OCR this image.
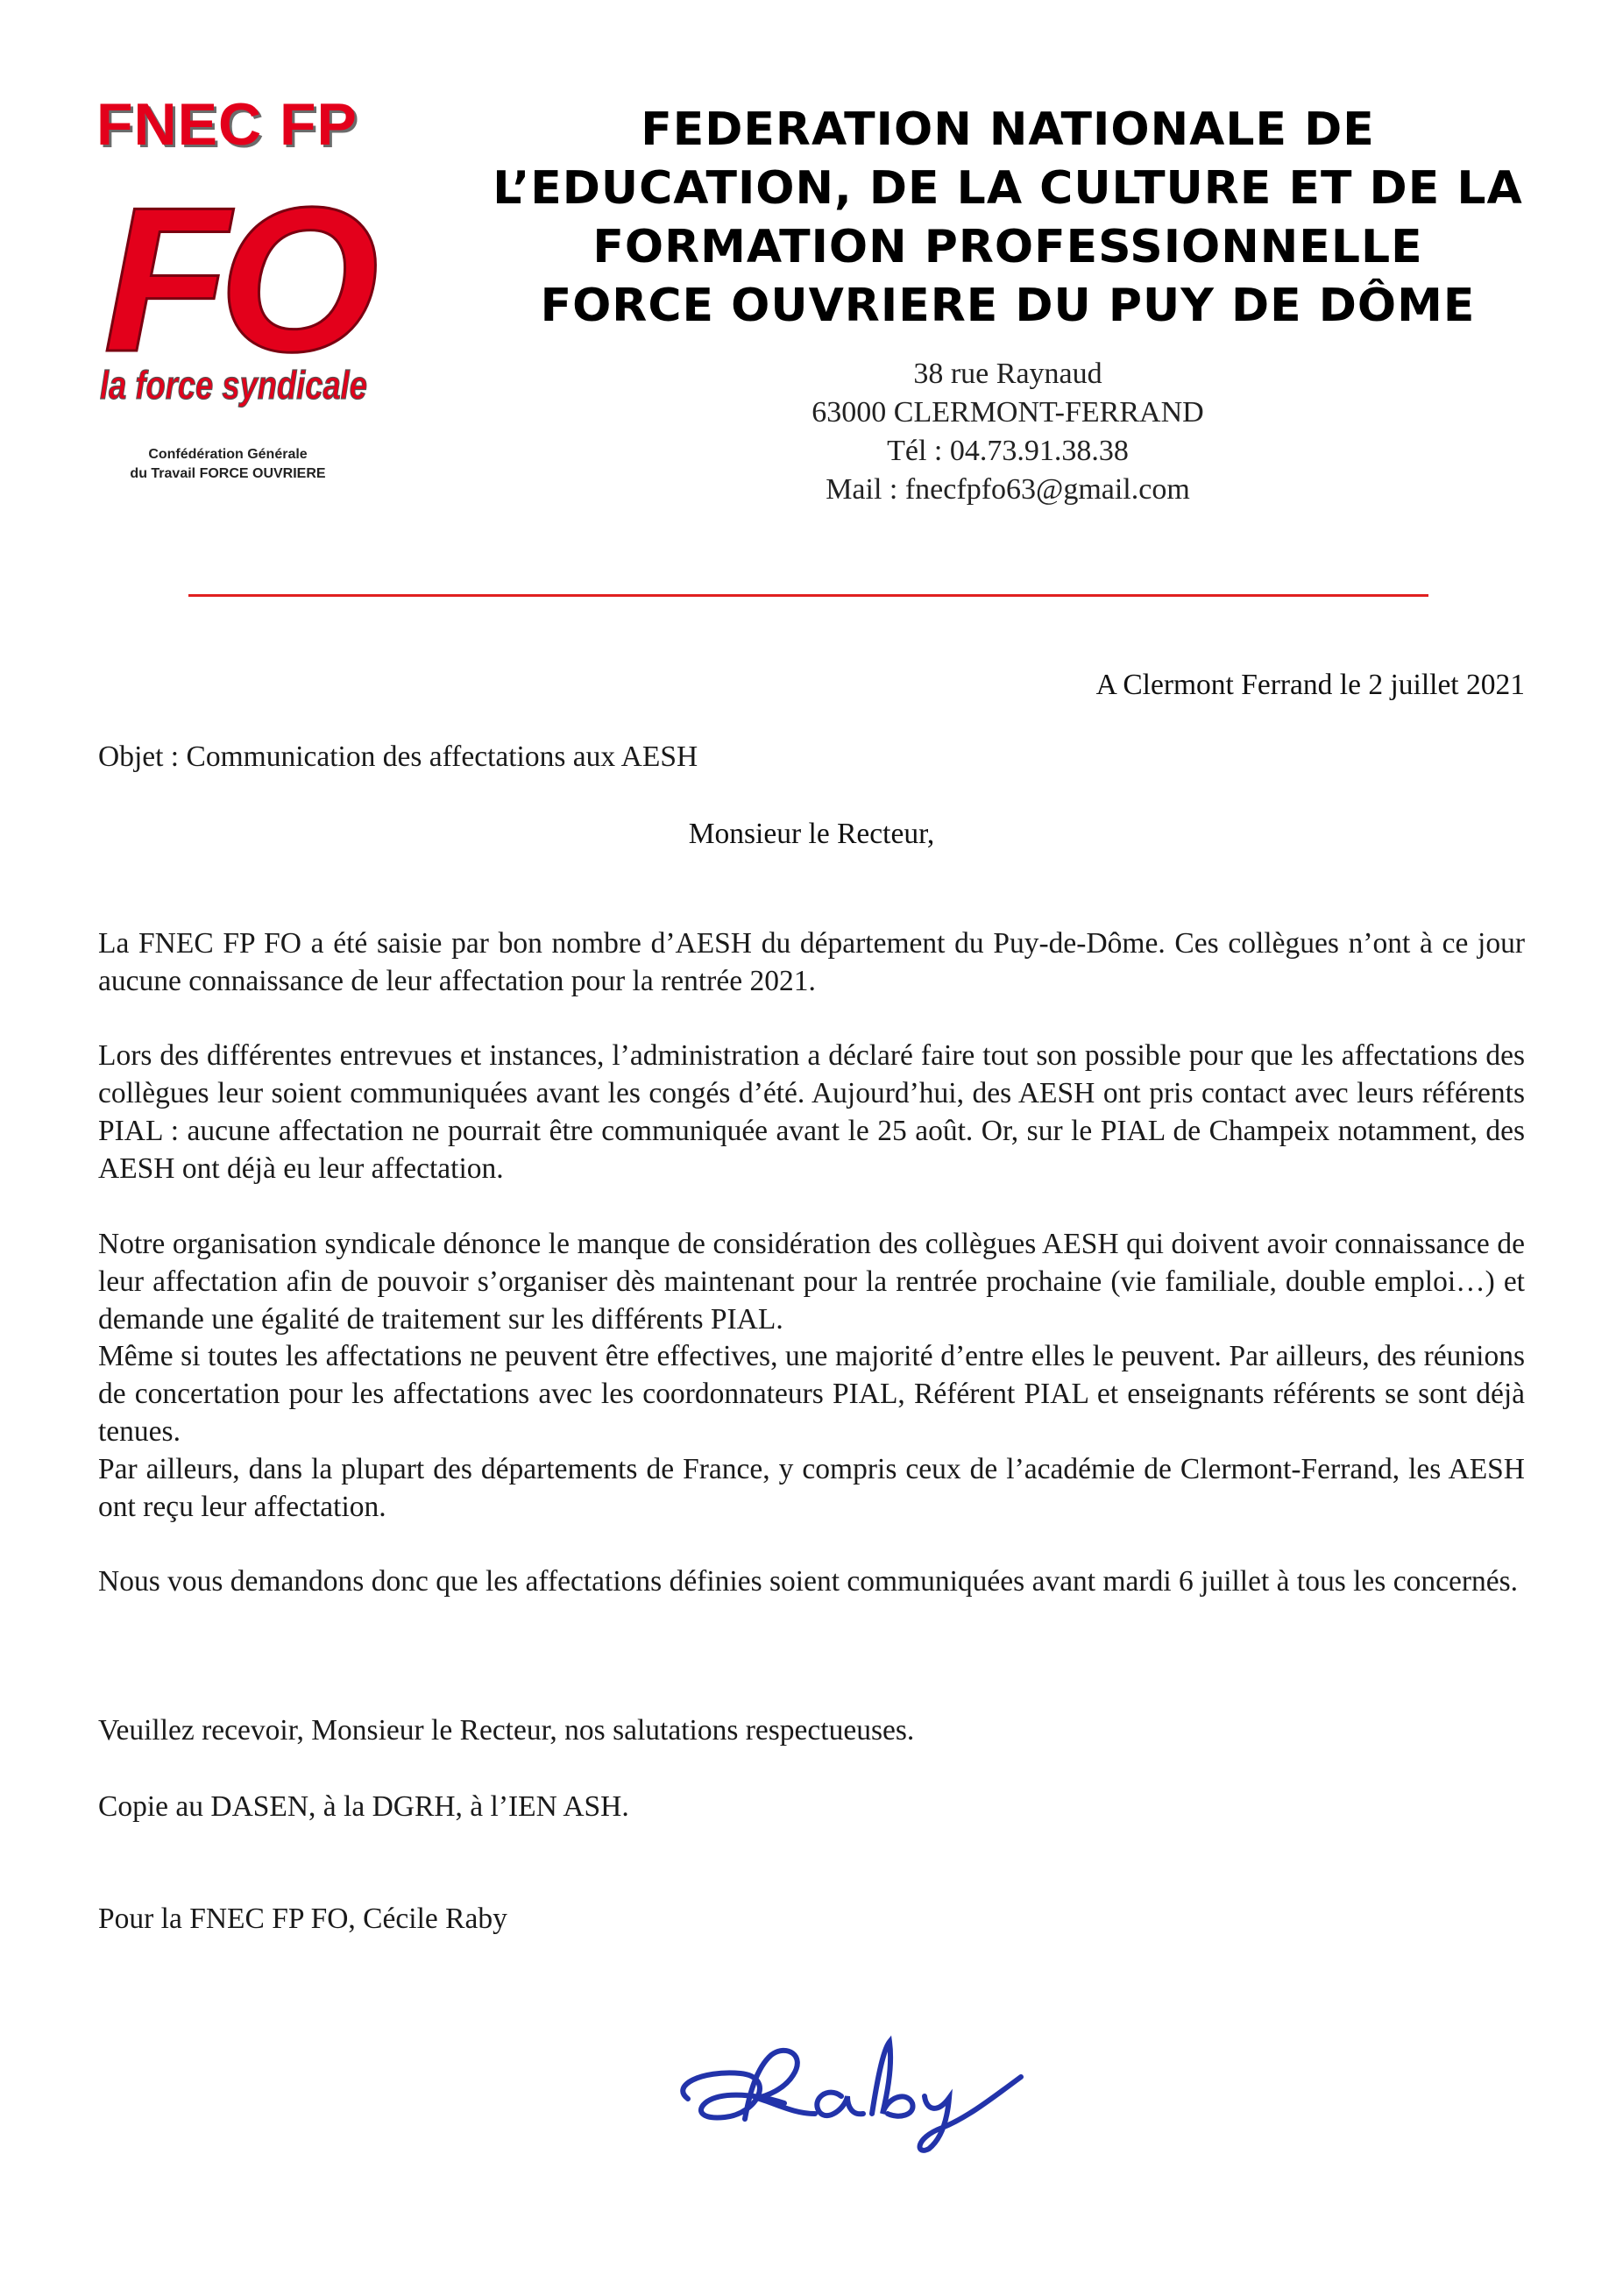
FNEC FP
FO
la force syndicale
Confédération Générale
du Travail FORCE OUVRIERE
FEDERATION NATIONALE DE
L’EDUCATION, DE LA CULTURE ET DE LA
FORMATION PROFESSIONNELLE
FORCE OUVRIERE DU PUY DE DÔME
38 rue Raynaud
63000 CLERMONT-FERRAND
Tél : 04.73.91.38.38
Mail : fnecfpfo63@gmail.com
A Clermont Ferrand le 2 juillet 2021

Objet : Communication des affectations aux AESH

Monsieur le Recteur,

La FNEC FP FO a été saisie par bon nombre d’AESH du département du Puy-de-Dôme. Ces collègues n’ont à ce jour aucune connaissance de leur affectation pour la rentrée 2021.

Lors des différentes entrevues et instances, l’administration a déclaré faire tout son possible pour que les affectations des collègues leur soient communiquées avant les congés d’été. Aujourd’hui, des AESH ont pris contact avec leurs référents PIAL : aucune affectation ne pourrait être communiquée avant le 25 août. Or, sur le PIAL de Champeix notamment, des AESH ont déjà eu leur affectation.

Notre organisation syndicale dénonce le manque de considération des collègues AESH qui doivent avoir connaissance de leur affectation afin de pouvoir s’organiser dès maintenant pour la rentrée prochaine (vie familiale, double emploi…) et demande une égalité de traitement sur les différents PIAL.

Même si toutes les affectations ne peuvent être effectives, une majorité d’entre elles le peuvent. Par ailleurs, des réunions de concertation pour les affectations avec les coordonnateurs PIAL, Référent PIAL et enseignants référents se sont déjà tenues.

Par ailleurs, dans la plupart des départements de France, y compris ceux de l’académie de Clermont-Ferrand, les AESH ont reçu leur affectation.

Nous vous demandons donc que les affectations définies soient communiquées avant mardi 6 juillet à tous les concernés.

Veuillez recevoir, Monsieur le Recteur, nos salutations respectueuses.

Copie au DASEN, à la DGRH, à l’IEN ASH.

Pour la FNEC FP FO, Cécile Raby
